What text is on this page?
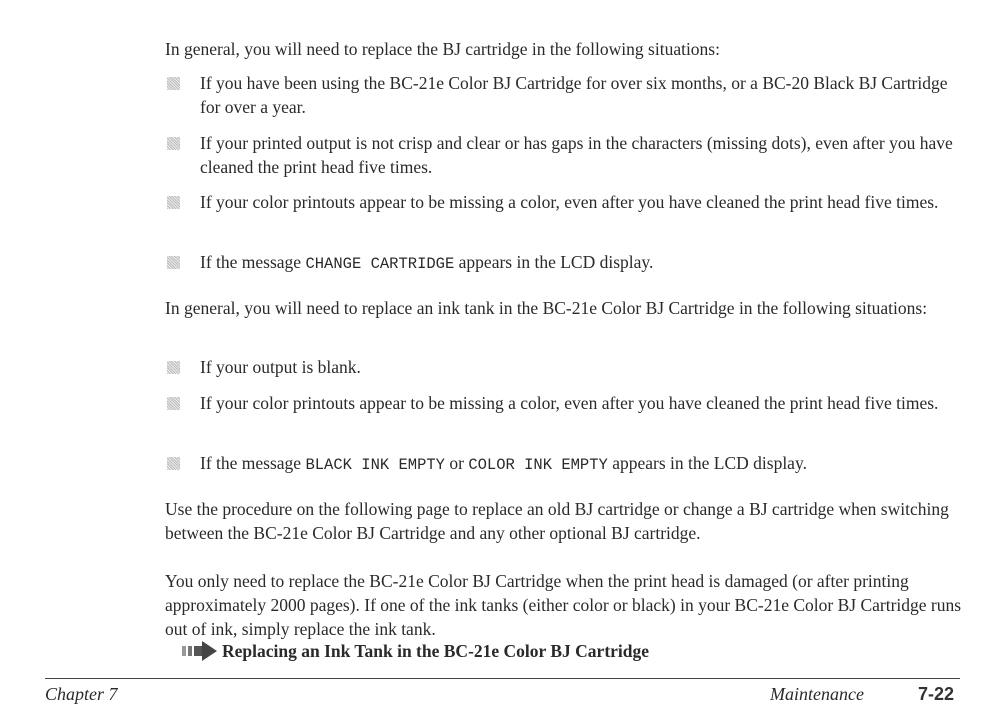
In general, you will need to replace the BJ cartridge in the following situations:

If you have been using the BC-21e Color BJ Cartridge for over six months, or a BC-20 Black BJ Cartridge for over a year.

If your printed output is not crisp and clear or has gaps in the characters (missing dots), even after you have cleaned the print head five times.

If your color printouts appear to be missing a color, even after you have cleaned the print head five times.

If the message CHANGE CARTRIDGE appears in the LCD display.

In general, you will need to replace an ink tank in the BC-21e Color BJ Cartridge in the following situations:

If your output is blank.

If your color printouts appear to be missing a color, even after you have cleaned the print head five times.

If the message BLACK INK EMPTY or COLOR INK EMPTY appears in the LCD display.

Use the procedure on the following page to replace an old BJ cartridge or change a BJ cartridge when switching between the BC-21e Color BJ Cartridge and any other optional BJ cartridge.

You only need to replace the BC-21e Color BJ Cartridge when the print head is damaged (or after printing approximately 2000 pages). If one of the ink tanks (either color or black) in your BC-21e Color BJ Cartridge runs out of ink, simply replace the ink tank.

Replacing an Ink Tank in the BC-21e Color BJ Cartridge
Chapter 7	Maintenance	7-22
